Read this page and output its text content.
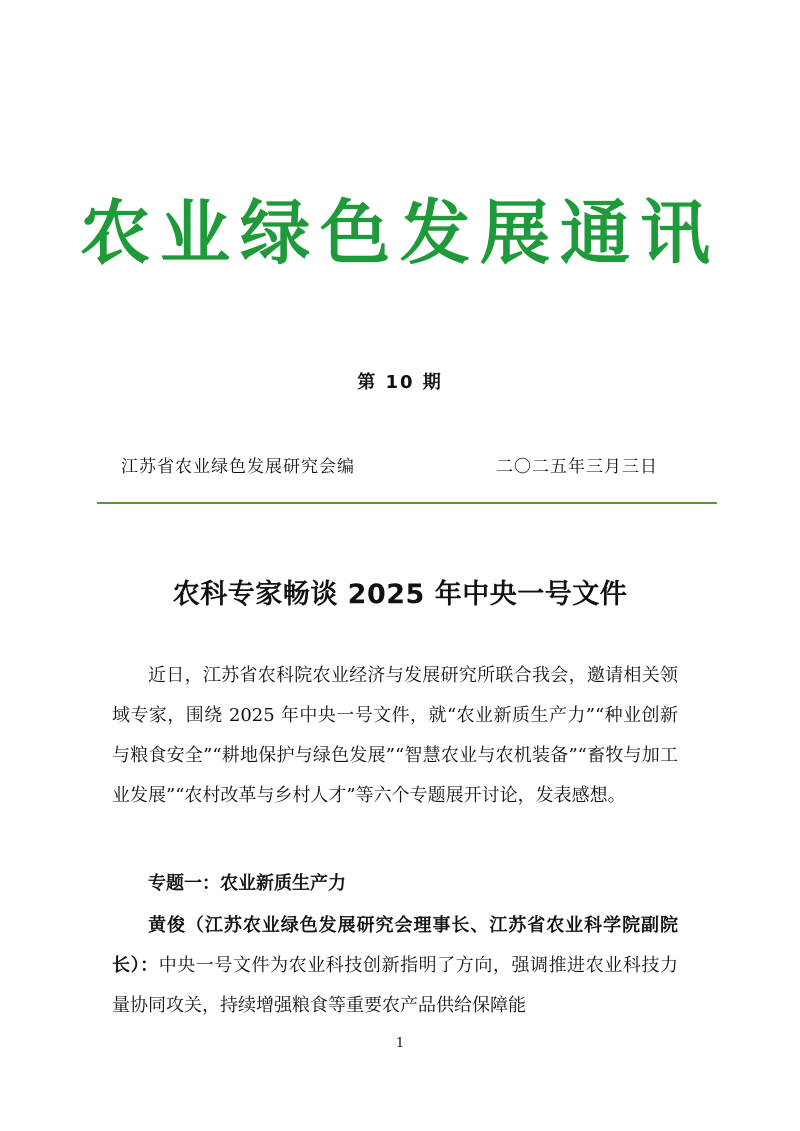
农业绿色发展通讯
第 10 期
江苏省农业绿色发展研究会编	二〇二五年三月三日
农科专家畅谈 2025 年中央一号文件

近日，江苏省农科院农业经济与发展研究所联合我会，邀请相关领域专家，围绕 2025 年中央一号文件，就“农业新质生产力”“种业创新与粮食安全”“耕地保护与绿色发展”“智慧农业与农机装备”“畜牧与加工业发展”“农村改革与乡村人才”等六个专题展开讨论，发表感想。

专题一：农业新质生产力

黄俊（江苏农业绿色发展研究会理事长、江苏省农业科学院副院长）：中央一号文件为农业科技创新指明了方向，强调推进农业科技力量协同攻关，持续增强粮食等重要农产品供给保障能

1
